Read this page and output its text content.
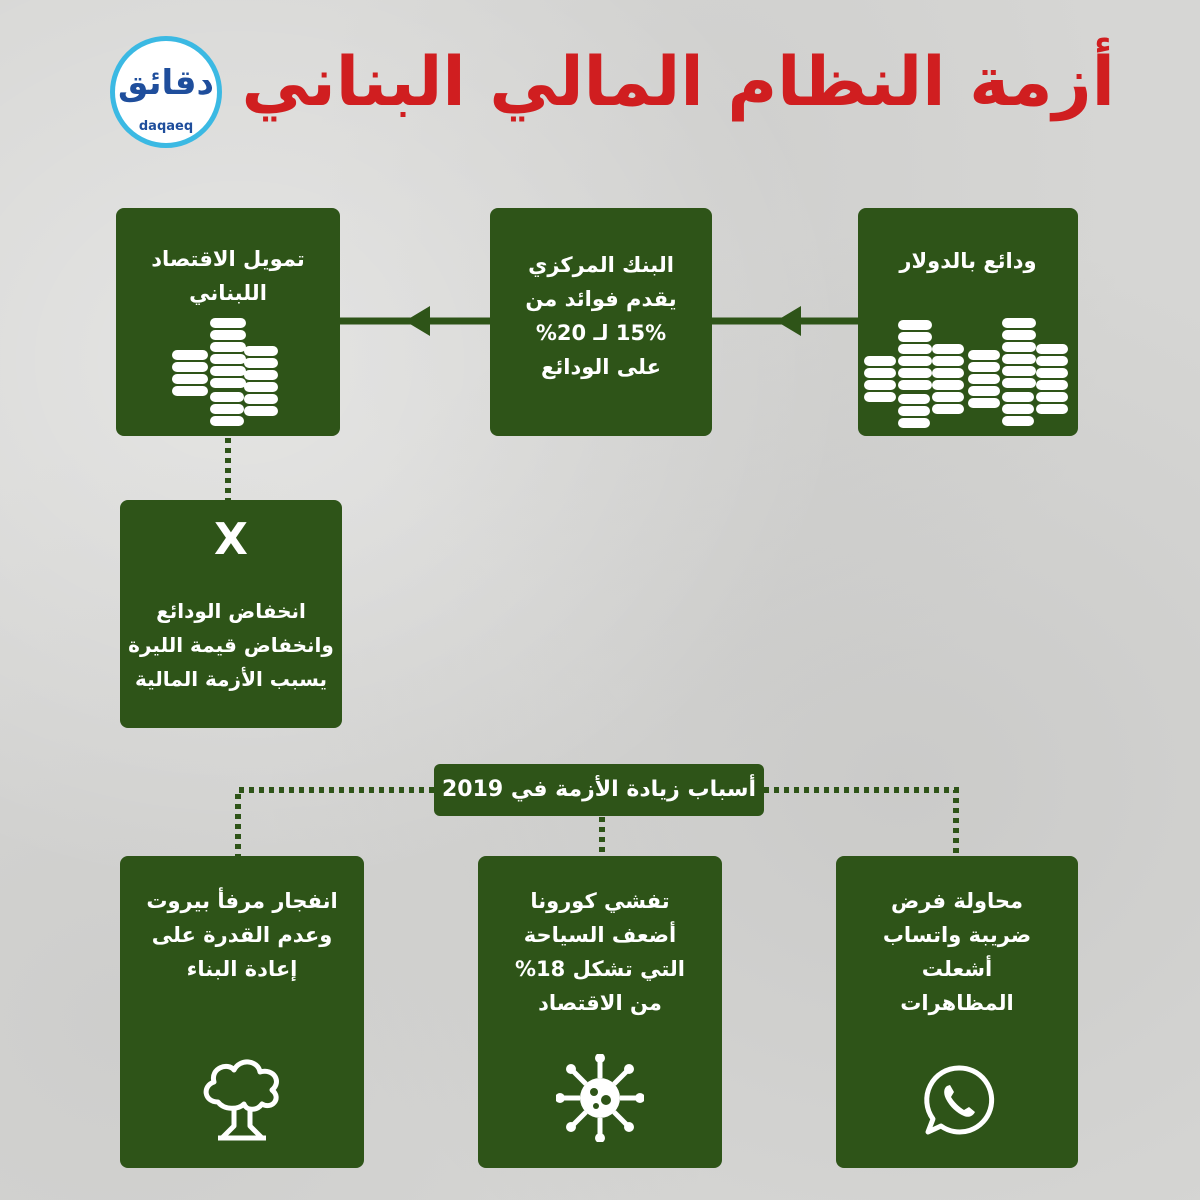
أزمة النظام المالي البناني
دقائق
daqaeq
ودائع بالدولار
البنك المركزي
يقدم فوائد من
15% لـ 20%
على الودائع
تمويل الاقتصاد
اللبناني
X
انخفاض الودائع
وانخفاض قيمة الليرة
يسبب الأزمة المالية
أسباب زيادة الأزمة في 2019
محاولة فرض
ضريبة واتساب
أشعلت
المظاهرات
تفشي كورونا
أضعف السياحة
التي تشكل 18%
من الاقتصاد
انفجار مرفأ بيروت
وعدم القدرة على
إعادة البناء
